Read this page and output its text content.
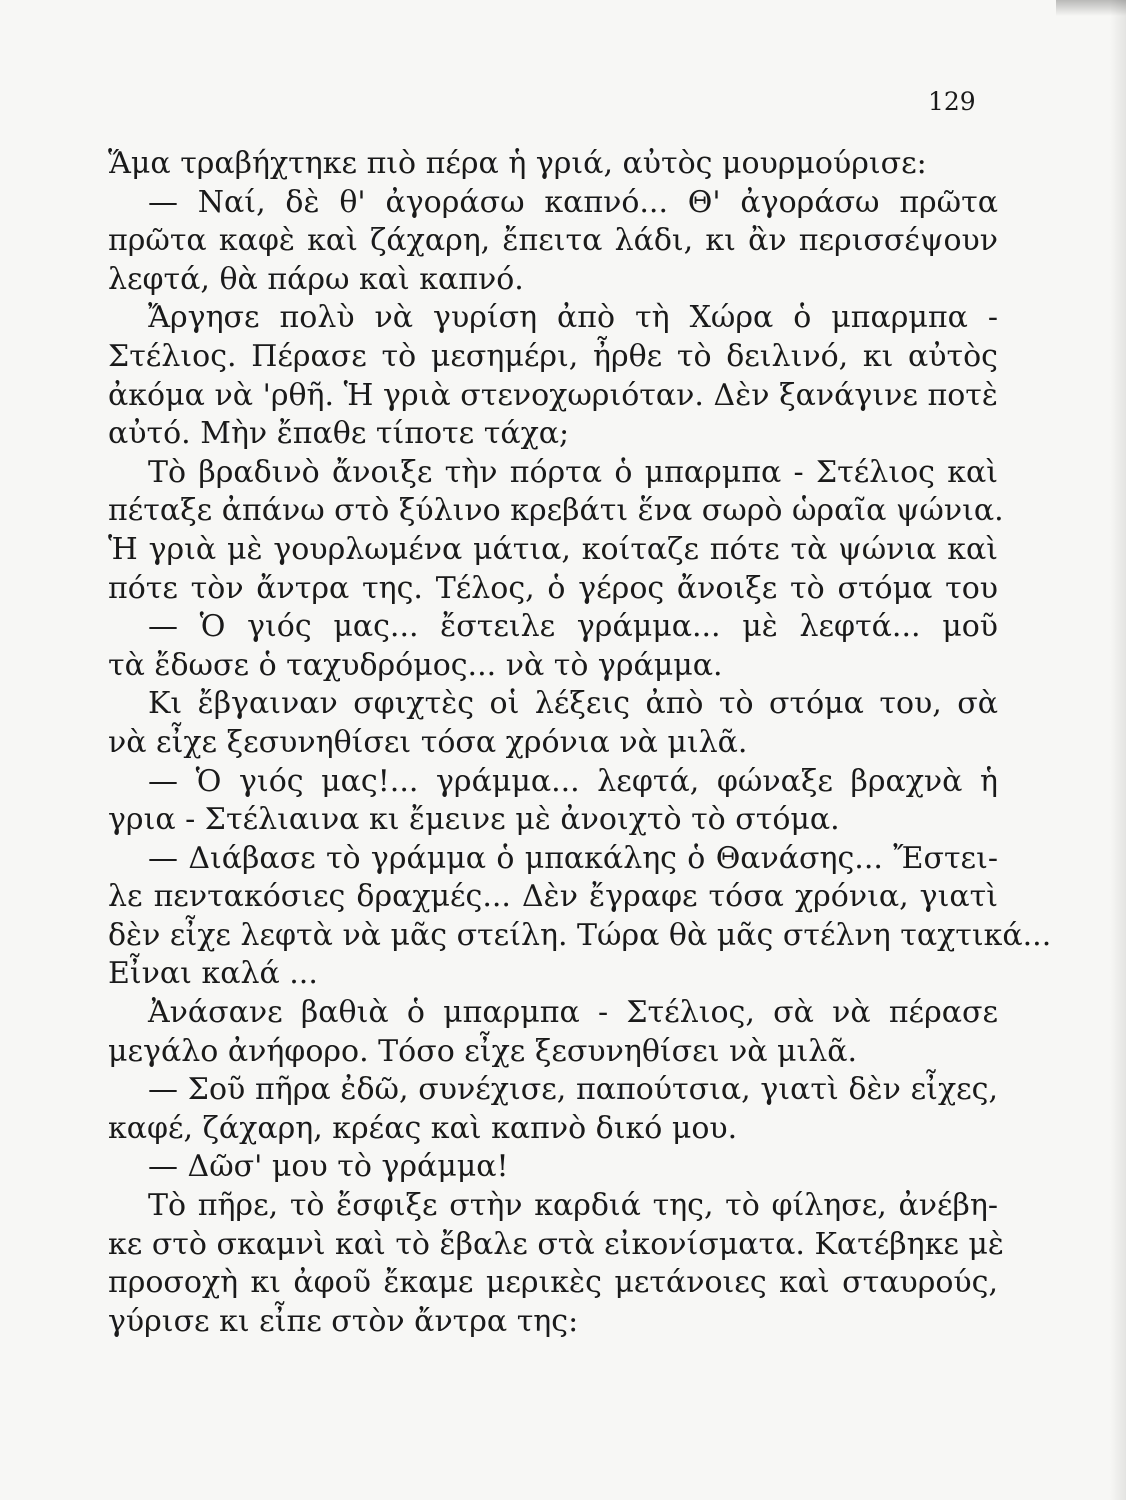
129
Ἅμα τραβήχτηκε πιὸ πέρα ἡ γριά, αὐτὸς μουρμούρισε:
— Ναί, δὲ θ' ἀγοράσω καπνό... Θ' ἀγοράσω πρῶτα
πρῶτα καφὲ καὶ ζάχαρη, ἔπειτα λάδι, κι ἂν περισσέψουν
λεφτά, θὰ πάρω καὶ καπνό.
Ἄργησε πολὺ νὰ γυρίση ἀπὸ τὴ Χώρα ὁ μπαρμπα -
Στέλιος. Πέρασε τὸ μεσημέρι, ἦρθε τὸ δειλινό, κι αὐτὸς
ἀκόμα νὰ 'ρθῆ. Ἡ γριὰ στενοχωριόταν. Δὲν ξανάγινε ποτὲ
αὐτό. Μὴν ἔπαθε τίποτε τάχα;
Τὸ βραδινὸ ἄνοιξε τὴν πόρτα ὁ μπαρμπα - Στέλιος καὶ
πέταξε ἀπάνω στὸ ξύλινο κρεβάτι ἕνα σωρὸ ὡραῖα ψώνια.
Ἡ γριὰ μὲ γουρλωμένα μάτια, κοίταζε πότε τὰ ψώνια καὶ
πότε τὸν ἄντρα της. Τέλος, ὁ γέρος ἄνοιξε τὸ στόμα του
— Ὁ γιός μας... ἔστειλε γράμμα... μὲ λεφτά... μοῦ
τὰ ἔδωσε ὁ ταχυδρόμος... νὰ τὸ γράμμα.
Κι ἔβγαιναν σφιχτὲς οἱ λέξεις ἀπὸ τὸ στόμα του, σὰ
νὰ εἶχε ξεσυνηθίσει τόσα χρόνια νὰ μιλᾶ.
— Ὁ γιός μας!... γράμμα... λεφτά, φώναξε βραχνὰ ἡ
γρια - Στέλιαινα κι ἔμεινε μὲ ἀνοιχτὸ τὸ στόμα.
— Διάβασε τὸ γράμμα ὁ μπακάλης ὁ Θανάσης... Ἔστει-
λε πεντακόσιες δραχμές... Δὲν ἔγραφε τόσα χρόνια, γιατὶ
δὲν εἶχε λεφτὰ νὰ μᾶς στείλη. Τώρα θὰ μᾶς στέλνη ταχτικά...
Εἶναι καλά ...
Ἀνάσανε βαθιὰ ὁ μπαρμπα - Στέλιος, σὰ νὰ πέρασε
μεγάλο ἀνήφορο. Τόσο εἶχε ξεσυνηθίσει νὰ μιλᾶ.
— Σοῦ πῆρα ἐδῶ, συνέχισε, παπούτσια, γιατὶ δὲν εἶχες,
καφέ, ζάχαρη, κρέας καὶ καπνὸ δικό μου.
— Δῶσ' μου τὸ γράμμα!
Τὸ πῆρε, τὸ ἔσφιξε στὴν καρδιά της, τὸ φίλησε, ἀνέβη-
κε στὸ σκαμνὶ καὶ τὸ ἔβαλε στὰ εἰκονίσματα. Κατέβηκε μὲ
προσοχὴ κι ἀφοῦ ἔκαμε μερικὲς μετάνοιες καὶ σταυρούς,
γύρισε κι εἶπε στὸν ἄντρα της:
